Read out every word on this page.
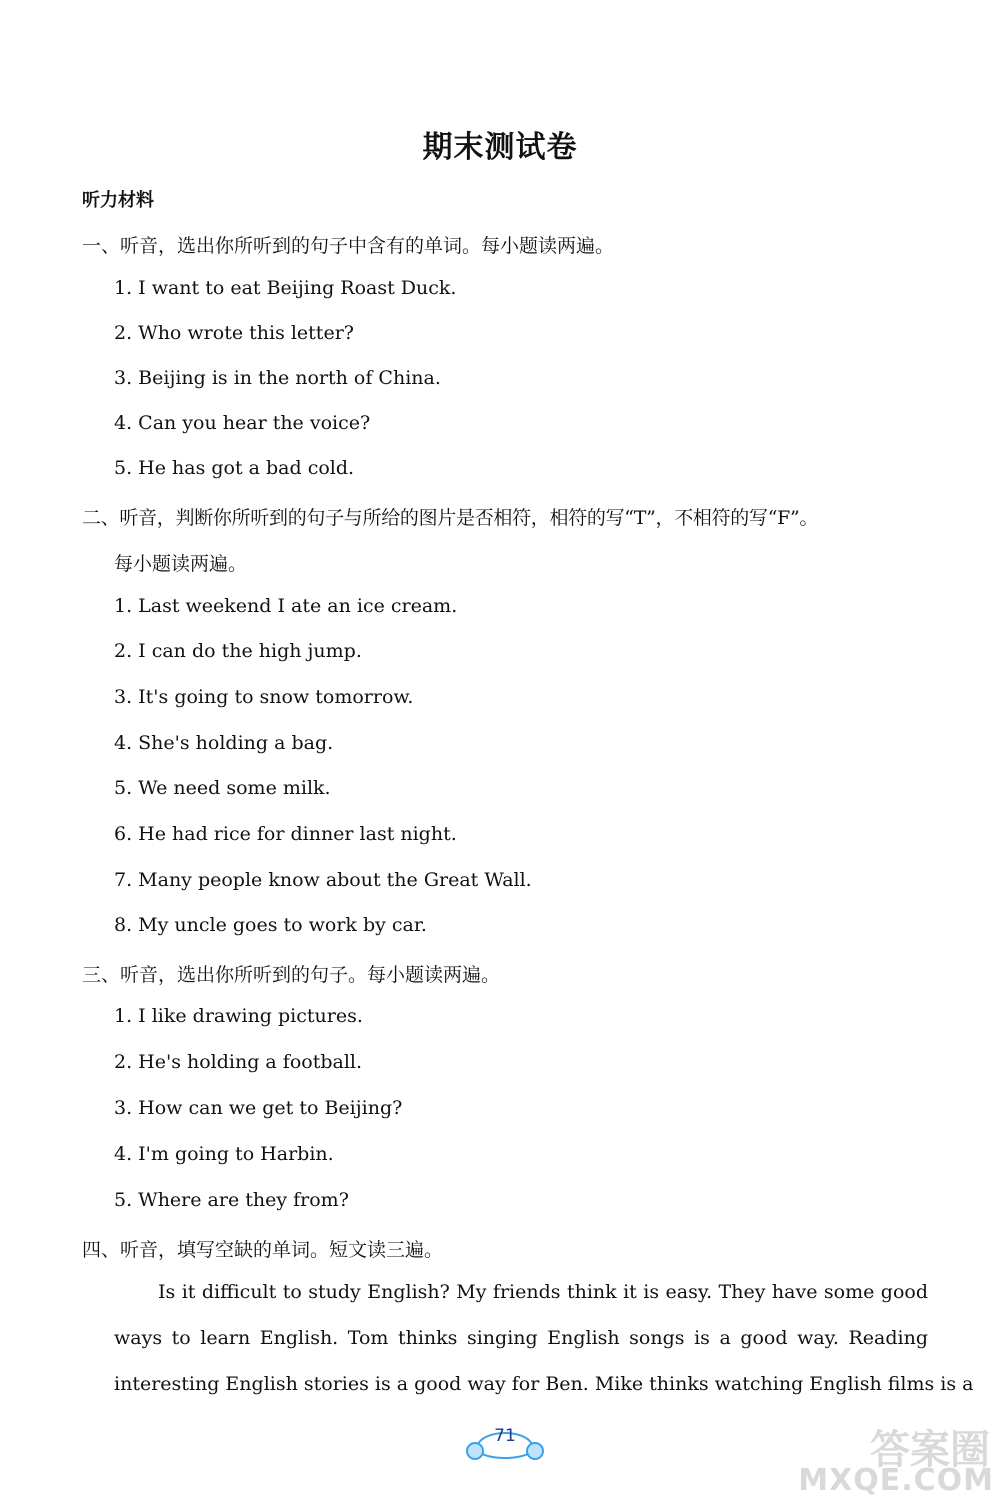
期末测试卷
听力材料
一、听音，选出你所听到的句子中含有的单词。每小题读两遍。
1. I want to eat Beijing Roast Duck.
2. Who wrote this letter?
3. Beijing is in the north of China.
4. Can you hear the voice?
5. He has got a bad cold.
二、听音，判断你所听到的句子与所给的图片是否相符，相符的写“T”，不相符的写“F”。
每小题读两遍。
1. Last weekend I ate an ice cream.
2. I can do the high jump.
3. It's going to snow tomorrow.
4. She's holding a bag.
5. We need some milk.
6. He had rice for dinner last night.
7. Many people know about the Great Wall.
8. My uncle goes to work by car.
三、听音，选出你所听到的句子。每小题读两遍。
1. I like drawing pictures.
2. He's holding a football.
3. How can we get to Beijing?
4. I'm going to Harbin.
5. Where are they from?
四、听音，填写空缺的单词。短文读三遍。
Is it difficult to study English? My friends think it is easy. They have some good
ways to learn English. Tom thinks singing English songs is a good way. Reading
interesting English stories is a good way for Ben. Mike thinks watching English films is a
71	答案圈
MXQE.COM
